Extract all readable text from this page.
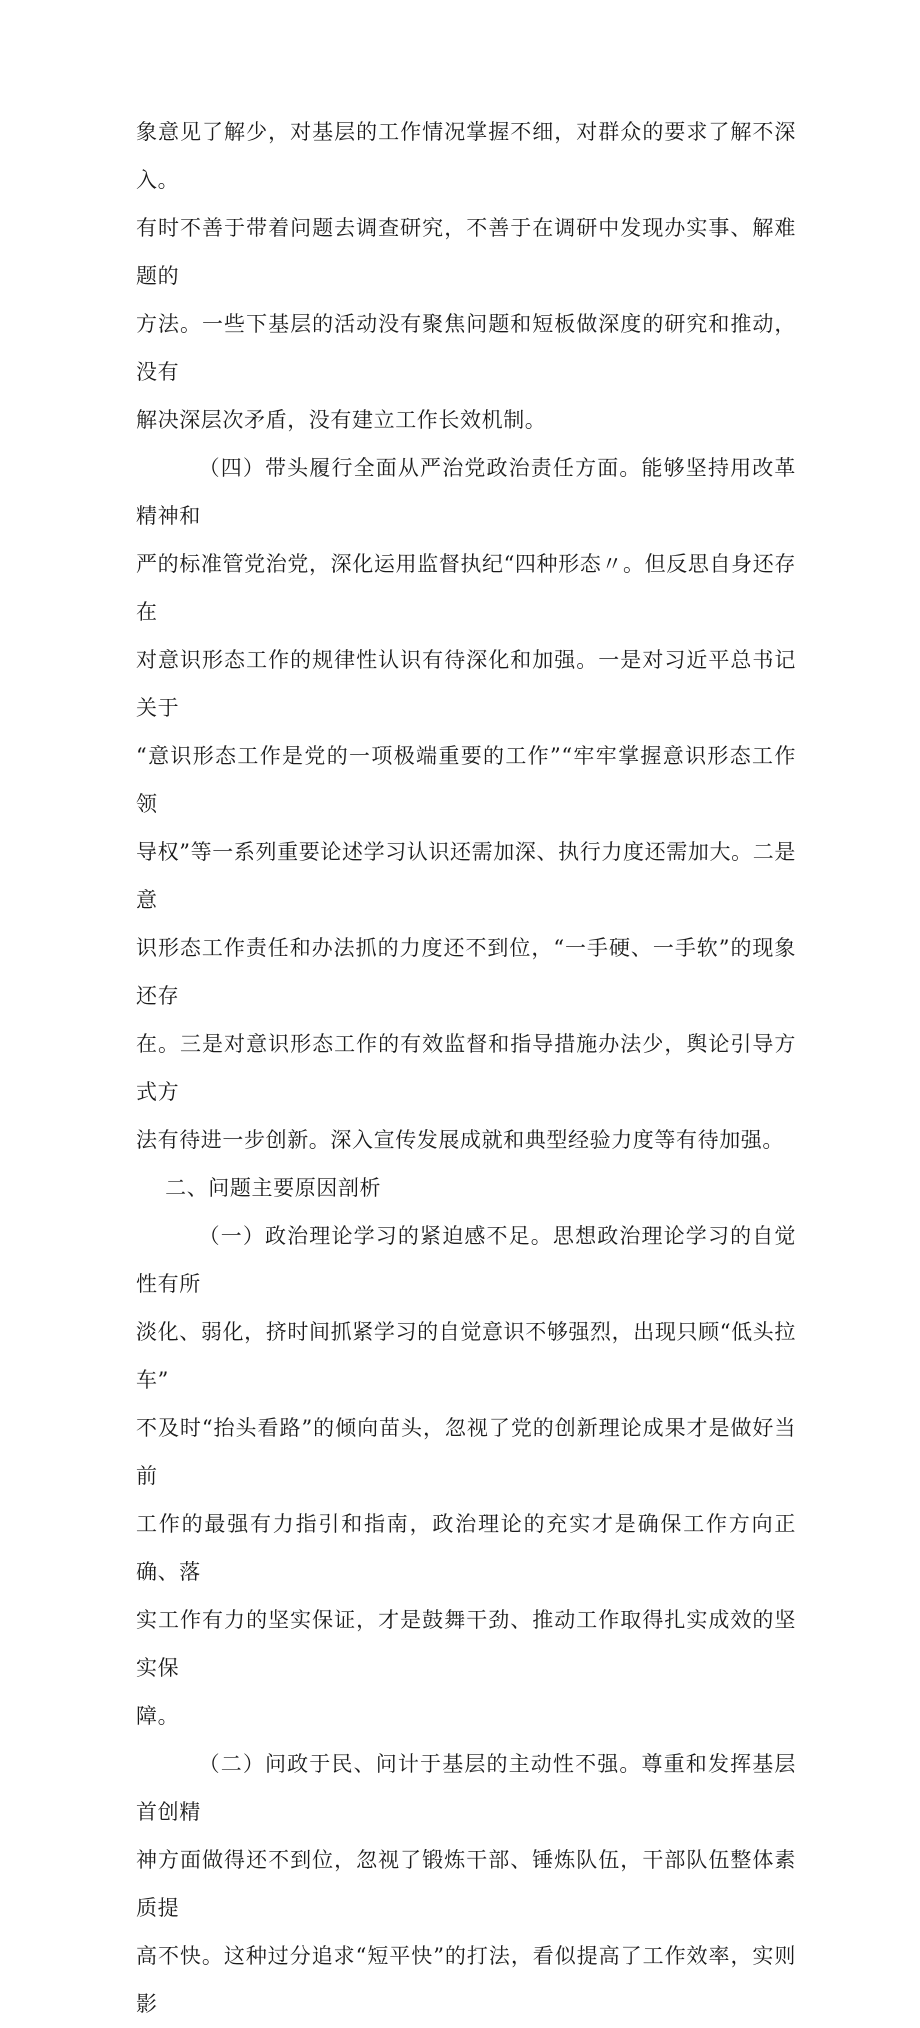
象意见了解少，对基层的工作情况掌握不细，对群众的要求了解不深入。

有时不善于带着问题去调查研究，不善于在调研中发现办实事、解难题的

方法。一些下基层的活动没有聚焦问题和短板做深度的研究和推动，没有

解决深层次矛盾，没有建立工作长效机制。

（四）带头履行全面从严治党政治责任方面。能够坚持用改革精神和

严的标准管党治党，深化运用监督执纪“四种形态〃。但反思自身还存在

对意识形态工作的规律性认识有待深化和加强。一是对习近平总书记关于

“意识形态工作是党的一项极端重要的工作”“牢牢掌握意识形态工作领

导权”等一系列重要论述学习认识还需加深、执行力度还需加大。二是意

识形态工作责任和办法抓的力度还不到位，“一手硬、一手软”的现象还存

在。三是对意识形态工作的有效监督和指导措施办法少，舆论引导方式方

法有待进一步创新。深入宣传发展成就和典型经验力度等有待加强。

二、问题主要原因剖析

（一）政治理论学习的紧迫感不足。思想政治理论学习的自觉性有所

淡化、弱化，挤时间抓紧学习的自觉意识不够强烈，出现只顾“低头拉车”

不及时“抬头看路”的倾向苗头，忽视了党的创新理论成果才是做好当前

工作的最强有力指引和指南，政治理论的充实才是确保工作方向正确、落

实工作有力的坚实保证，才是鼓舞干劲、推动工作取得扎实成效的坚实保

障。

（二）问政于民、问计于基层的主动性不强。尊重和发挥基层首创精

神方面做得还不到位，忽视了锻炼干部、锤炼队伍，干部队伍整体素质提

高不快。这种过分追求“短平快”的打法，看似提高了工作效率，实则影
